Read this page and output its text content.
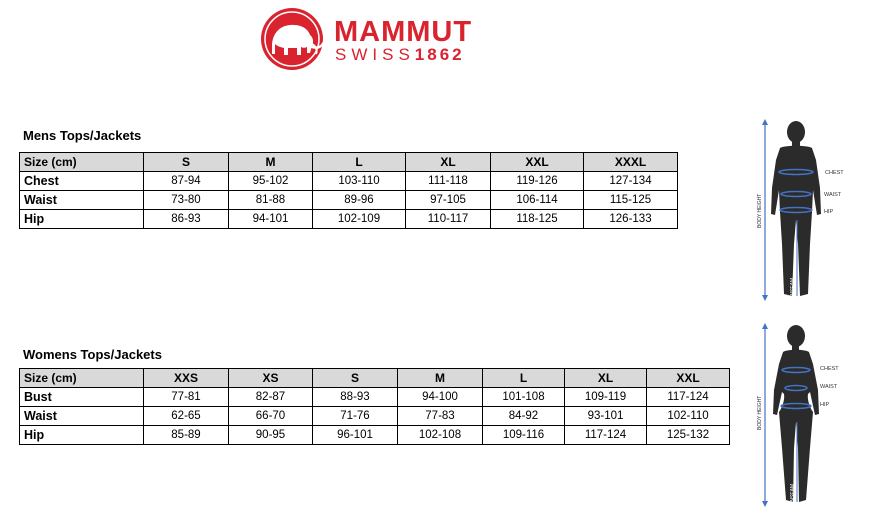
MAMMUT
SWISS1862
Mens Tops/Jackets
Size (cm)	S	M	L	XL	XXL	XXXL
Chest	87-94	95-102	103-110	111-118	119-126	127-134
Waist	73-80	81-88	89-96	97-105	106-114	115-125
Hip	86-93	94-101	102-109	110-117	118-125	126-133
Womens Tops/Jackets
Size (cm)	XXS	XS	S	M	L	XL	XXL
Bust	77-81	82-87	88-93	94-100	101-108	109-119	117-124
Waist	62-65	66-70	71-76	77-83	84-92	93-101	102-110
Hip	85-89	90-95	96-101	102-108	109-116	117-124	125-132
BODY HEIGHT
CHEST
WAIST
HIP
INSEAM
BODY HEIGHT
CHEST
WAIST
HIP
INSEAM
